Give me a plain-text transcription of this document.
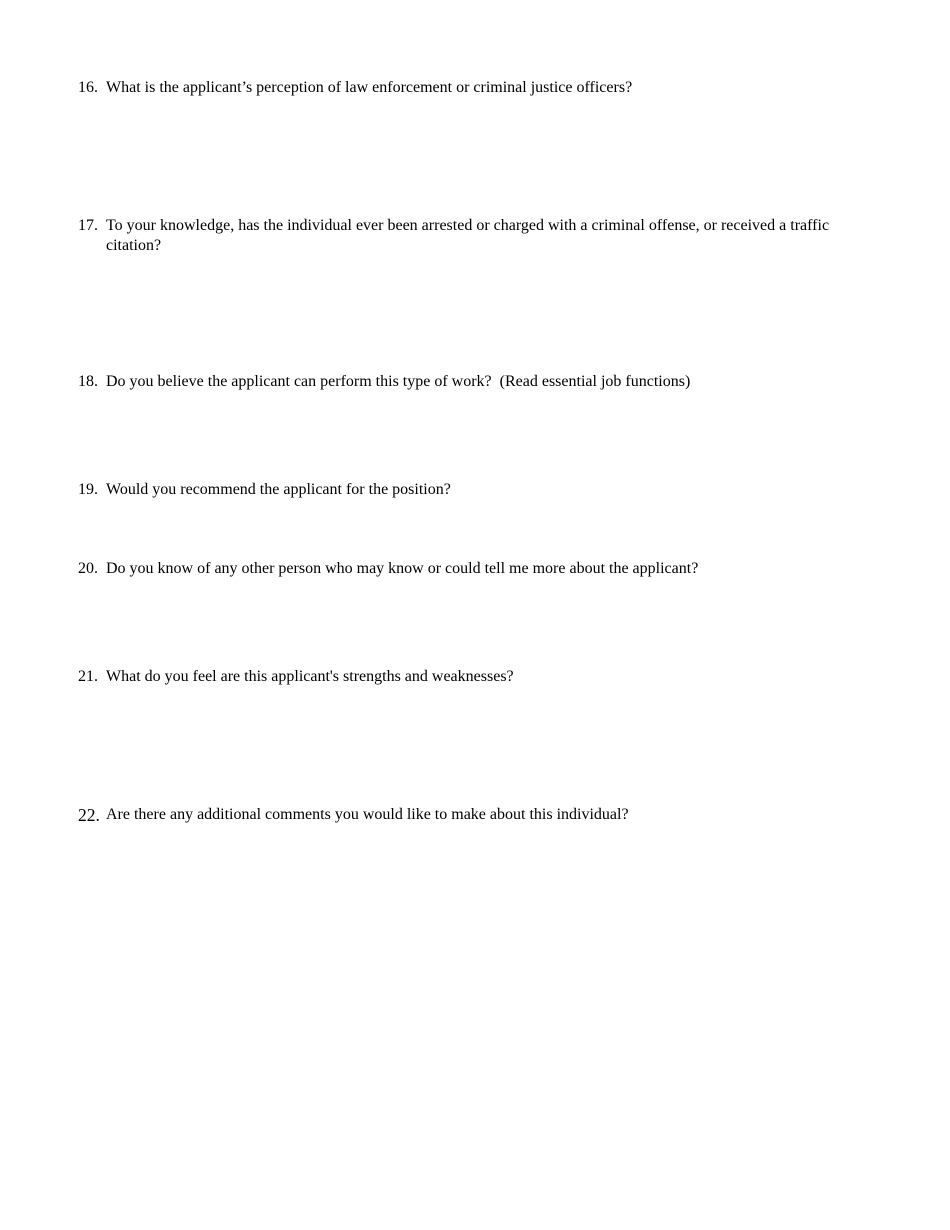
16. What is the applicant’s perception of law enforcement or criminal justice officers?
17. To your knowledge, has the individual ever been arrested or charged with a criminal offense, or received a traffic citation?
18. Do you believe the applicant can perform this type of work?  (Read essential job functions)
19. Would you recommend the applicant for the position?
20. Do you know of any other person who may know or could tell me more about the applicant?
21. What do you feel are this applicant's strengths and weaknesses?
22. Are there any additional comments you would like to make about this individual?
